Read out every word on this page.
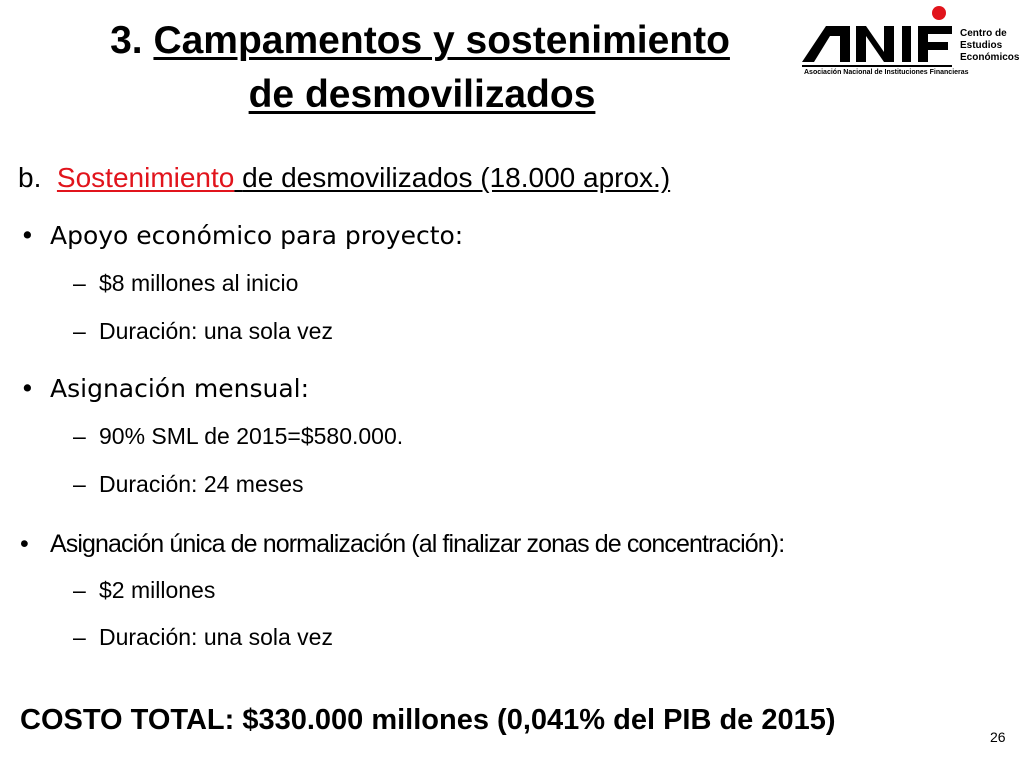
3. Campamentos y sostenimiento
de desmovilizados
Centro de
Estudios
Económicos
Asociación Nacional de Instituciones Financieras
b. Sostenimiento de desmovilizados (18.000 aprox.)
• Apoyo económico para proyecto:
– $8 millones al inicio
– Duración: una sola vez
• Asignación mensual:
– 90% SML de 2015=$580.000.
– Duración: 24 meses
• Asignación única de normalización (al finalizar zonas de concentración):
– $2 millones
– Duración: una sola vez
COSTO TOTAL: $330.000 millones (0,041% del PIB de 2015)
26
